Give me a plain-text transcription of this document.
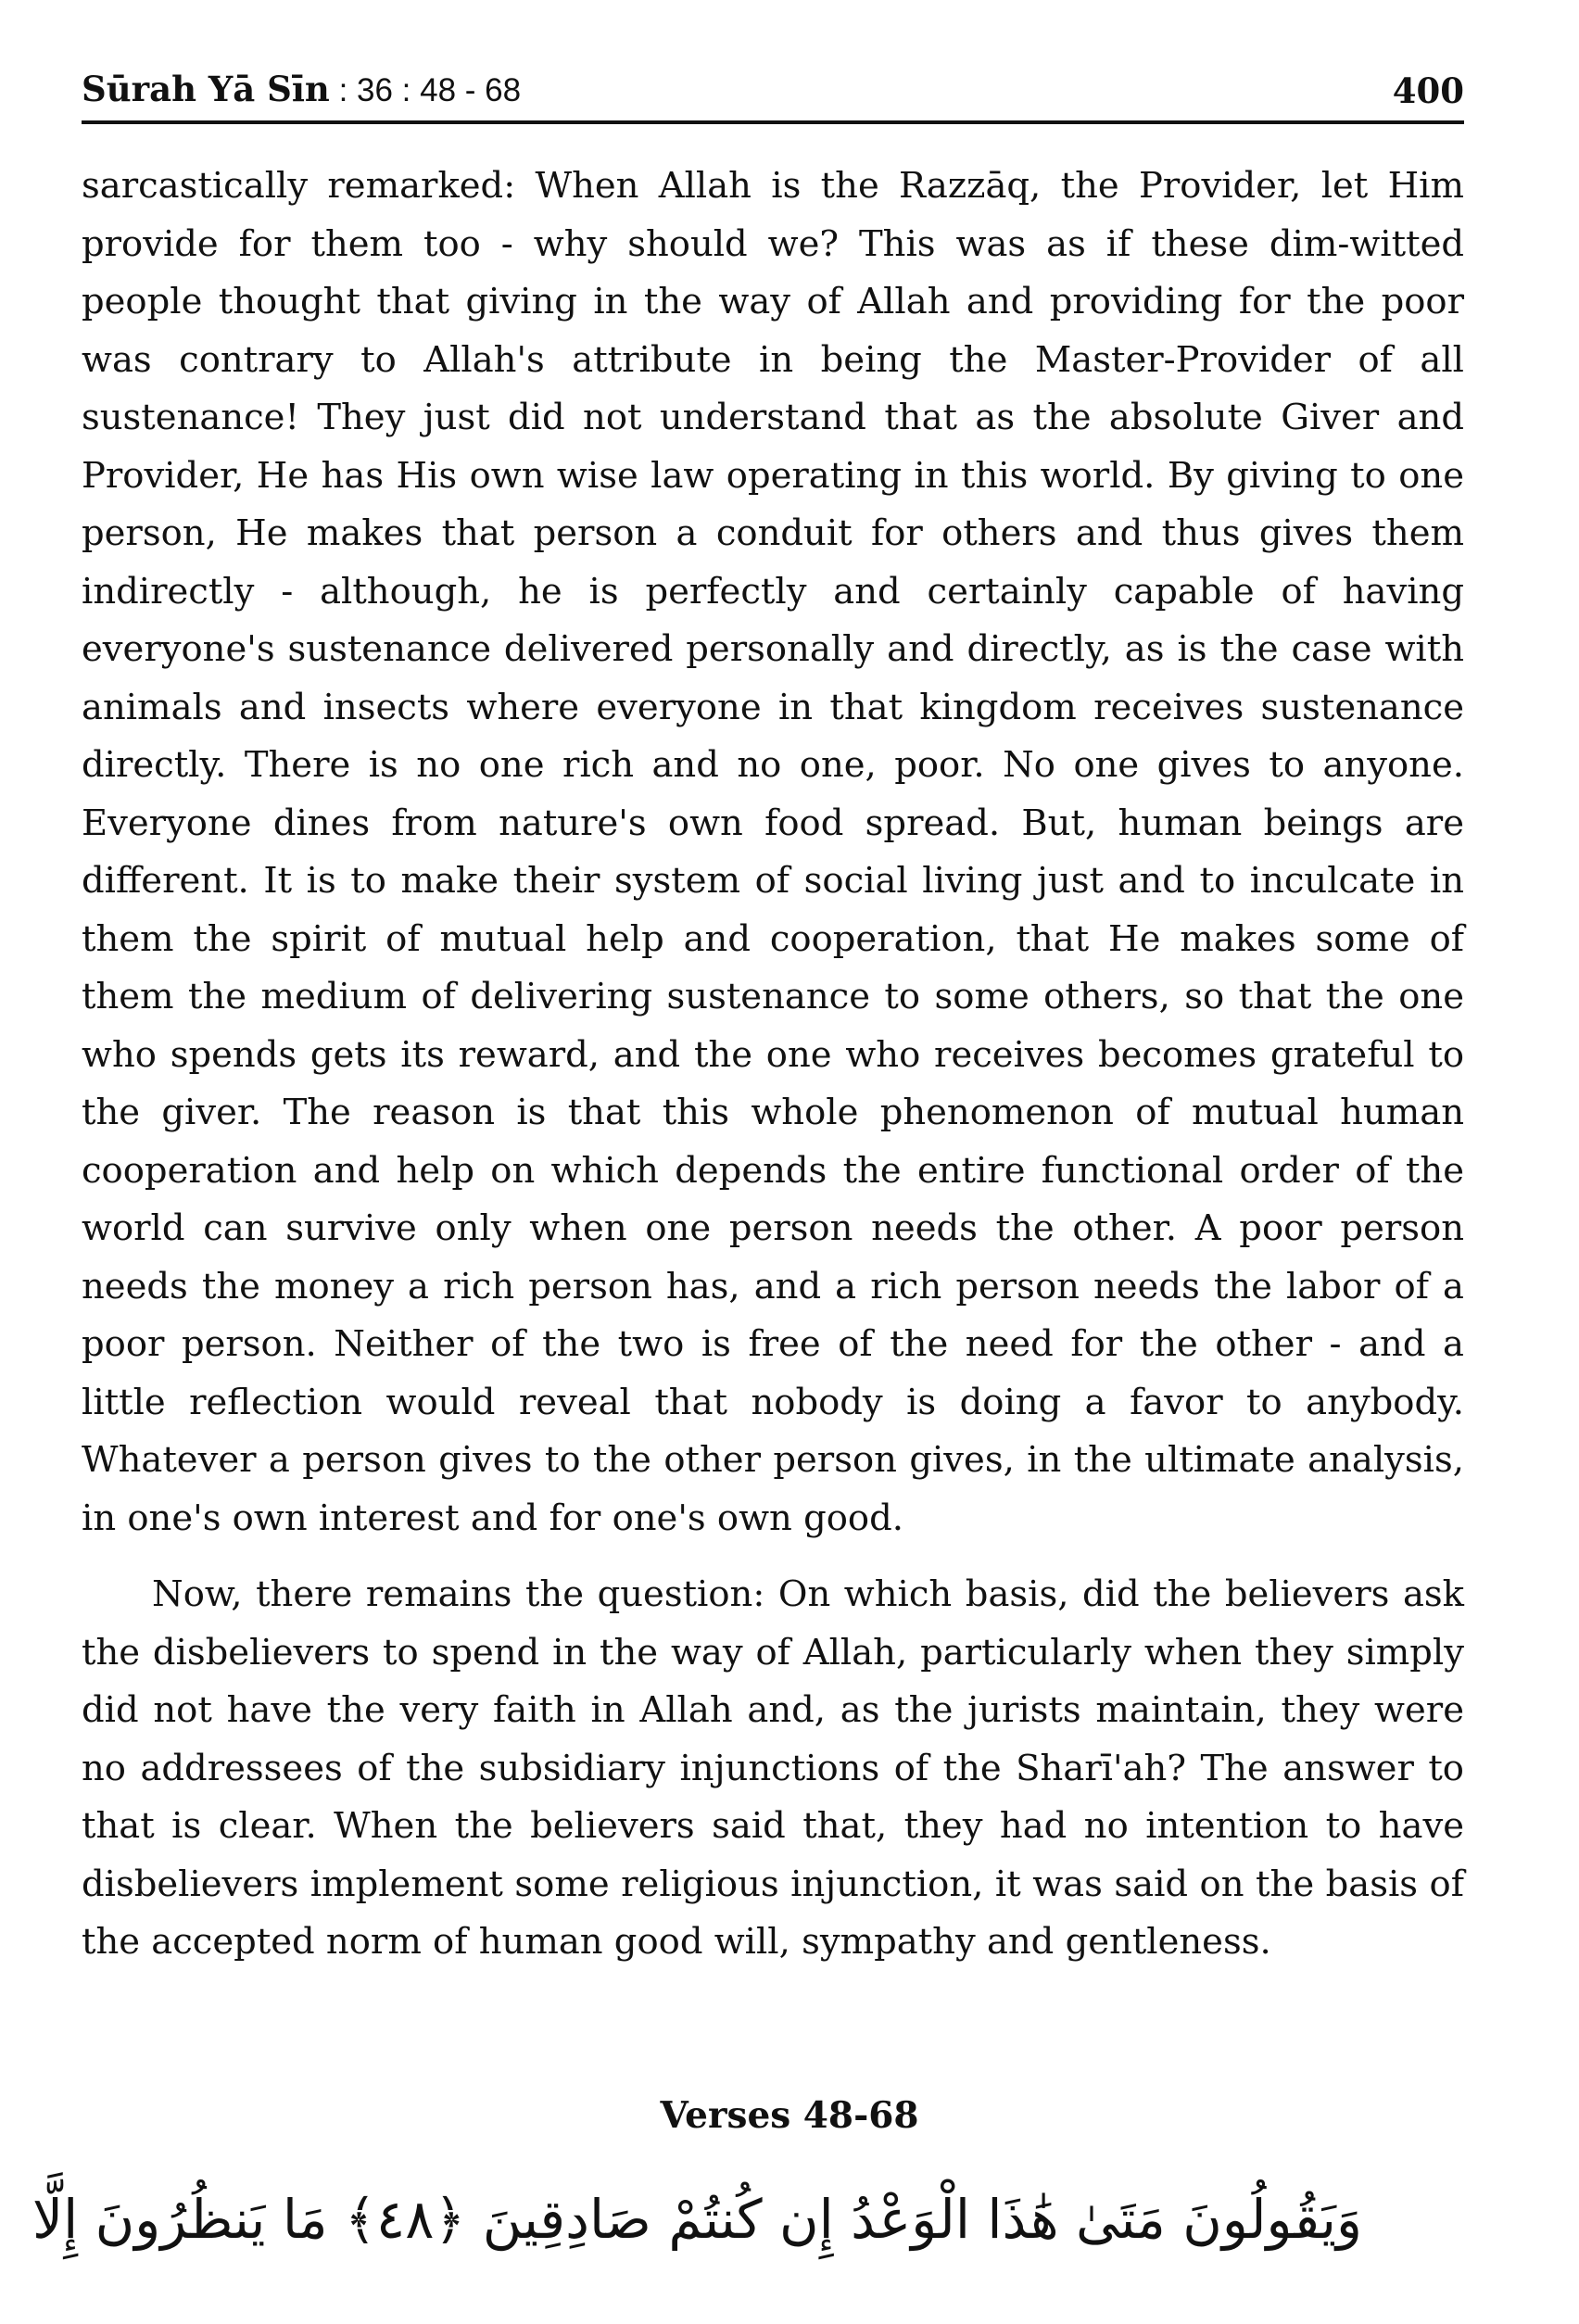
Sūrah Yā Sīn : 36 : 48 - 68	400

sarcastically remarked: When Allah is the Razzāq, the Provider, let Him provide for them too - why should we? This was as if these dim-witted people thought that giving in the way of Allah and providing for the poor was contrary to Allah's attribute in being the Master-Provider of all sustenance! They just did not understand that as the absolute Giver and Provider, He has His own wise law operating in this world. By giving to one person, He makes that person a conduit for others and thus gives them indirectly - although, he is perfectly and certainly capable of having everyone's sustenance delivered personally and directly, as is the case with animals and insects where everyone in that kingdom receives sustenance directly. There is no one rich and no one, poor. No one gives to anyone. Everyone dines from nature's own food spread. But, human beings are different. It is to make their system of social living just and to inculcate in them the spirit of mutual help and cooperation, that He makes some of them the medium of delivering sustenance to some others, so that the one who spends gets its reward, and the one who receives becomes grateful to the giver. The reason is that this whole phenomenon of mutual human cooperation and help on which depends the entire functional order of the world can survive only when one person needs the other. A poor person needs the money a rich person has, and a rich person needs the labor of a poor person. Neither of the two is free of the need for the other - and a little reflection would reveal that nobody is doing a favor to anybody. Whatever a person gives to the other person gives, in the ultimate analysis, in one's own interest and for one's own good.

Now, there remains the question: On which basis, did the believers ask the disbelievers to spend in the way of Allah, particularly when they simply did not have the very faith in Allah and, as the jurists maintain, they were no addressees of the subsidiary injunctions of the Sharī'ah? The answer to that is clear. When the believers said that, they had no intention to have disbelievers implement some religious injunction, it was said on the basis of the accepted norm of human good will, sympathy and gentleness.

Verses 48-68
وَيَقُولُونَ مَتَىٰ هَٰذَا الْوَعْدُ إِن كُنتُمْ صَادِقِينَ ﴿٤٨﴾ مَا يَنظُرُونَ إِلَّا
